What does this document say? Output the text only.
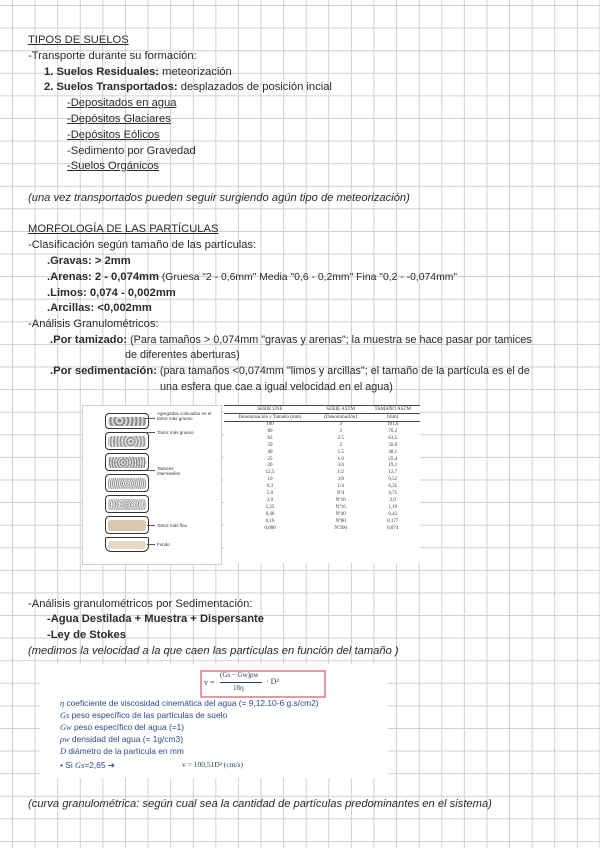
TIPOS DE SUELOS
-Transporte durante su formación:
1. Suelos Residuales: meteorización
2. Suelos Transportados: desplazados de posición incial
-Depositados en agua
-Depósitos Glaciares
-Depósitos Eólicos
-Sedimento por Gravedad
-Suelos Orgánicos
(una vez transportados pueden seguir surgiendo agún tipo de meteorización)
MORFOLOGÍA DE LAS PARTÍCULAS
-Clasificación según tamaño de las partículas:
.Gravas: > 2mm
.Arenas: 2 - 0,074mm (Gruesa "2 - 0,6mm" Media "0,6 - 0,2mm" Fina "0,2 - -0,074mm"
.Limos: 0,074 - 0,002mm
.Arcillas: <0,002mm
-Análisis Granulométricos:
.Por tamizado: (Para tamaños > 0,074mm "gravas y arenas"; la muestra se hace pasar por tamices
de diferentes aberturas)
.Por sedimentación: (para tamaños <0,074mm "limos y arcillas"; el tamaño de la partícula es el de
una esfera que cae a igual velocidad en el agua)
Agregados colocados en el tamiz más grueso
Tamiz más grueso
Tamices intermedios
Tamiz más fino
Fondo
SERIE UNE	SERIE ASTM	TAMAÑO ASTM
Denominación y Tamaño (mm)	(Denominación)	(mm)
100	4	101,6
80	3	76,2
63	2.5	63,5
50	2	50,8
40	1.5	38,1
25	1.0	25,4
20	3/4	19,1
12,5	1/2	12,7
10	3/8	9,52
6,3	1/4	6,35
5,0	Nº4	4,75
2,0	Nº10	2,0
1,25	Nº16	1,19
0,40	Nº40	0,42
0,16	Nº80	0,177
0,080	Nº200	0,074
-Análisis granulométricos por Sedimentación:
-Agua Destilada + Muestra + Dispersante
-Ley de Stokes
(medimos la velocidad a la que caen las partículas en función del tamaño )
v =
(Gs − Gw)ρw
18η
· D²
η coeficiente de viscosidad cinemática del agua (= 9,12.10-6 g.s/cm2)
Gs peso específico de las partículas de suelo
Gw peso específico del agua (=1)
ρw densidad del agua (= 1g/cm3)
D diámetro de la partícula en mm
• Si Gs=2,65 ➔	v = 100,51D² (cm/s)
(curva granulométrica: según cual sea la cantidad de partículas predominantes en el sistema)
